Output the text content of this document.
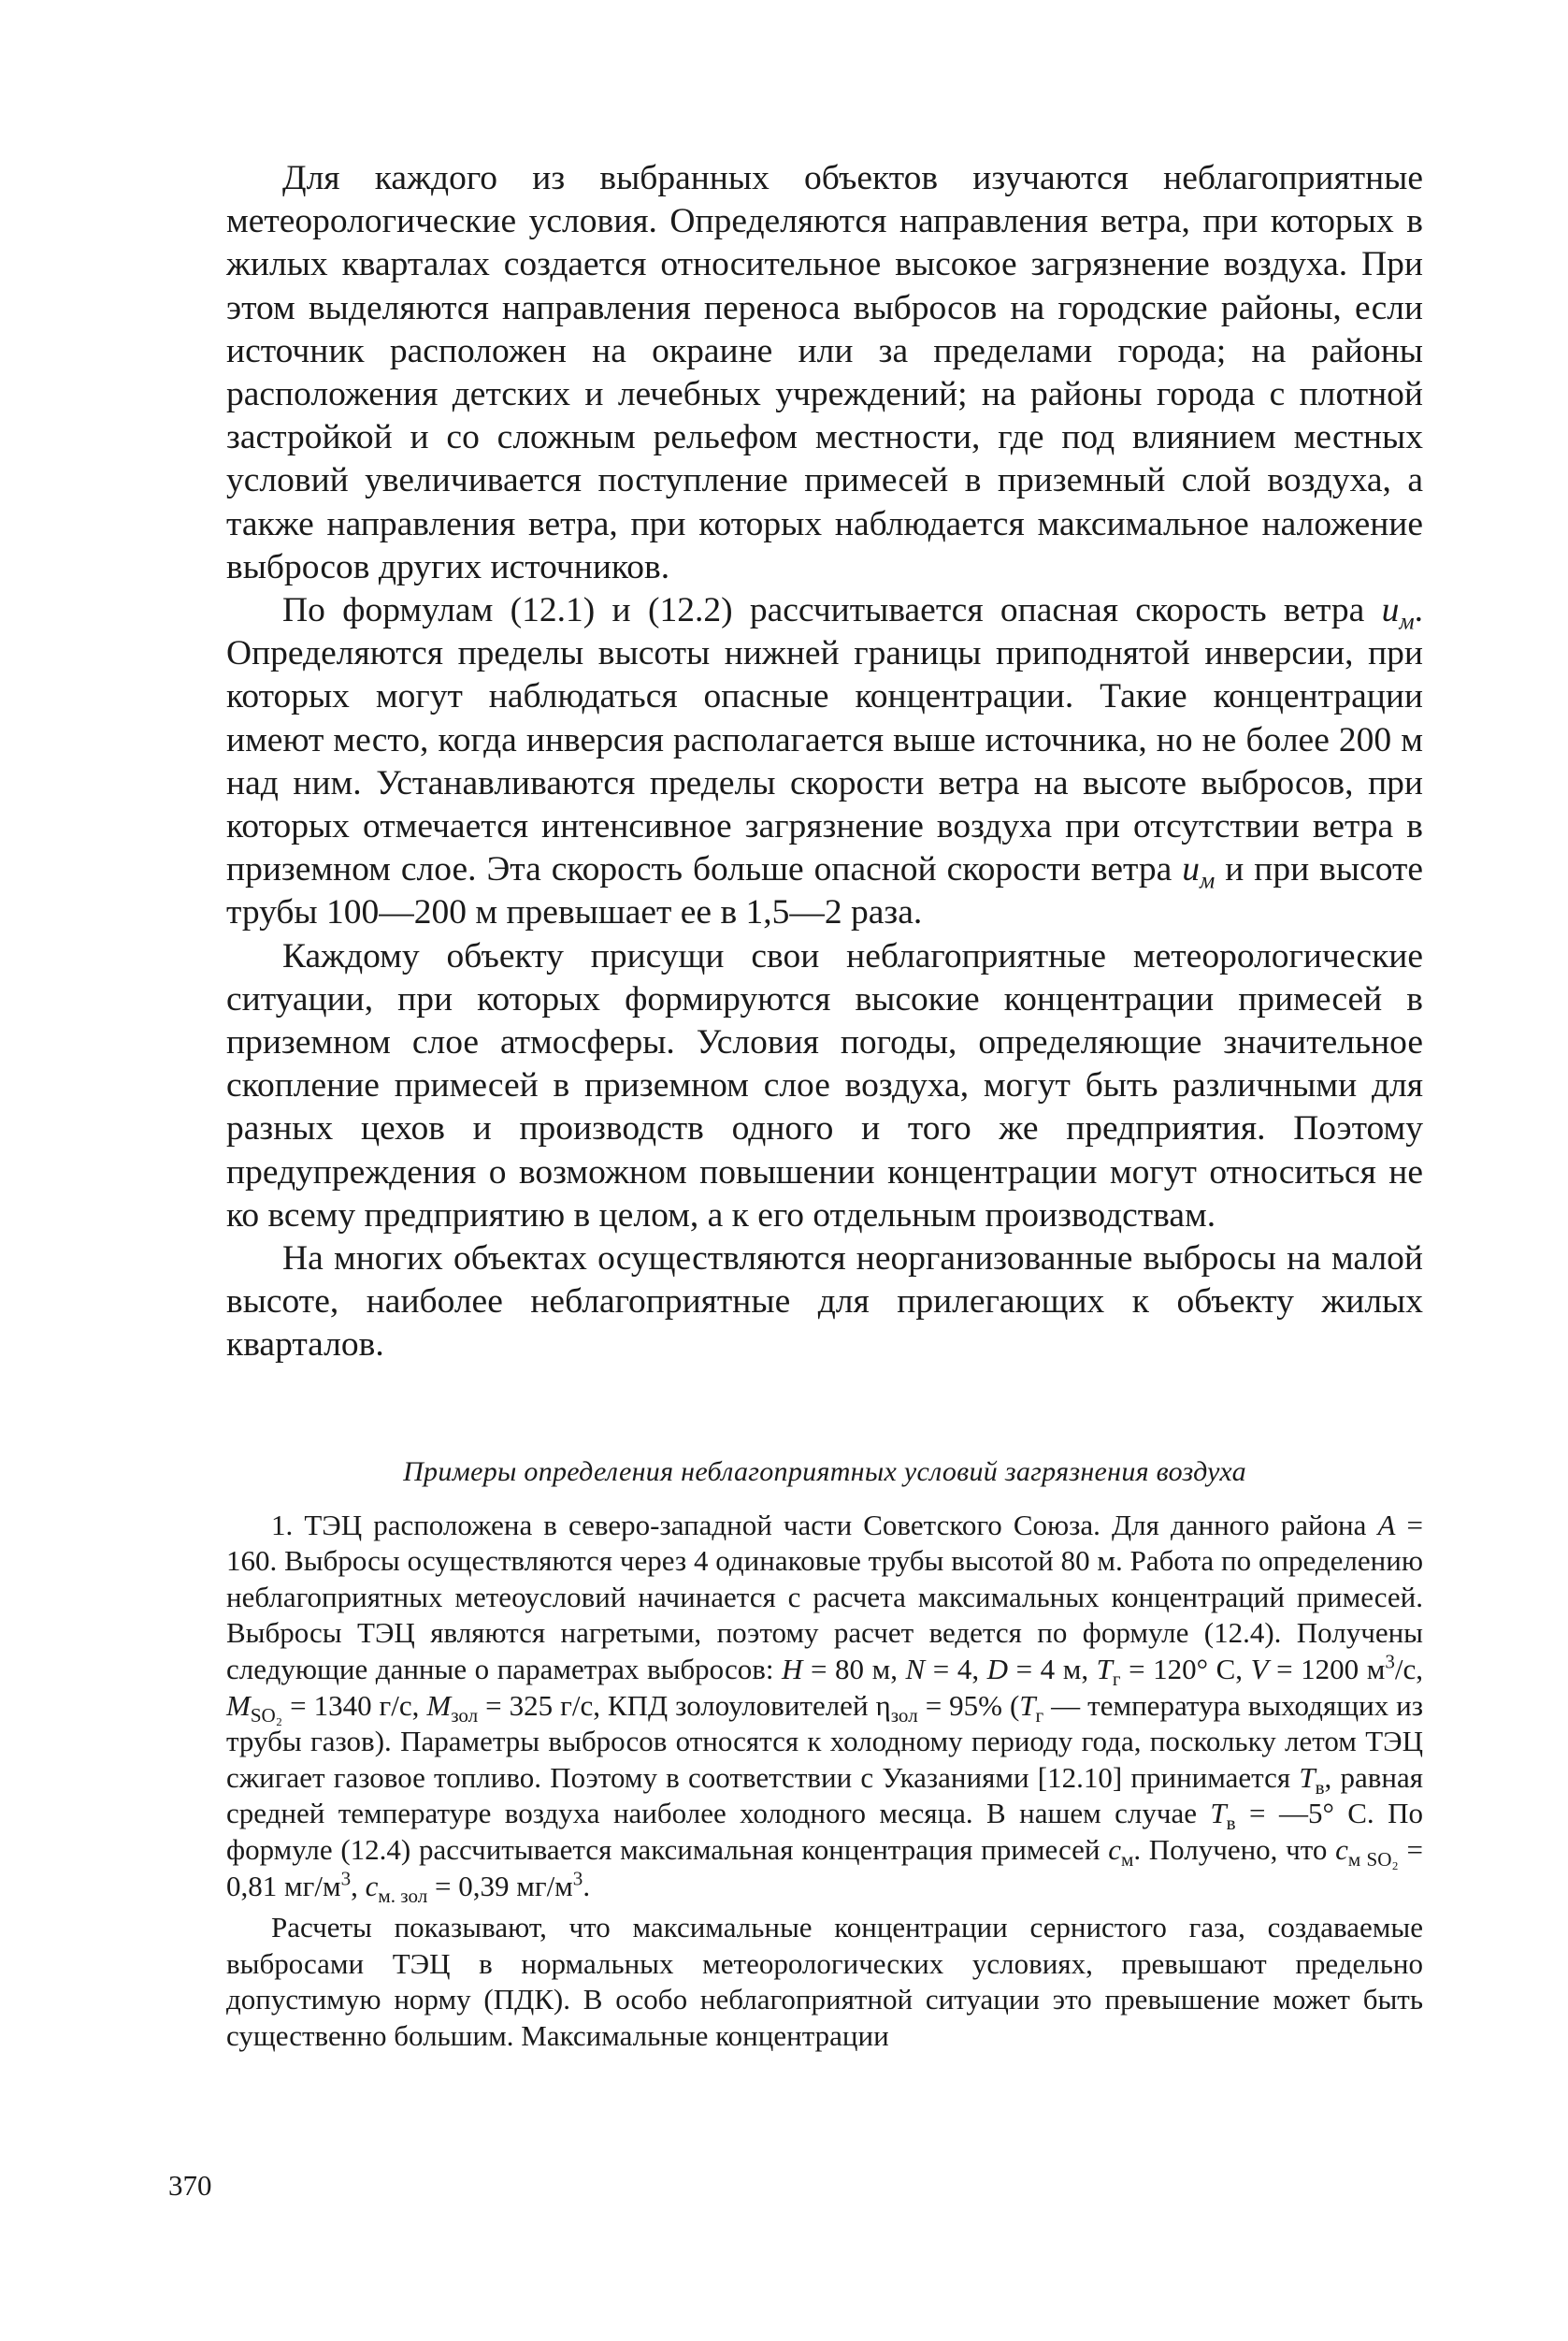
Для каждого из выбранных объектов изучаются неблагоприятные метеорологические условия. Определяются направления ветра, при которых в жилых кварталах создается относительное высокое загрязнение воздуха. При этом выделяются направления переноса выбросов на городские районы, если источник расположен на окраине или за пределами города; на районы расположения детских и лечебных учреждений; на районы города с плотной застройкой и со сложным рельефом местности, где под влиянием местных условий увеличивается поступление примесей в приземный слой воздуха, а также направления ветра, при которых наблюдается максимальное наложение выбросов других источников.

По формулам (12.1) и (12.2) рассчитывается опасная скорость ветра $u_м$. Определяются пределы высоты нижней границы приподнятой инверсии, при которых могут наблюдаться опасные концентрации. Такие концентрации имеют место, когда инверсия располагается выше источника, но не более 200 м над ним. Устанавливаются пределы скорости ветра на высоте выбросов, при которых отмечается интенсивное загрязнение воздуха при отсутствии ветра в приземном слое. Эта скорость больше опасной скорости ветра $u_м$ и при высоте трубы 100—200 м превышает ее в 1,5—2 раза.

Каждому объекту присущи свои неблагоприятные метеорологические ситуации, при которых формируются высокие концентрации примесей в приземном слое атмосферы. Условия погоды, определяющие значительное скопление примесей в приземном слое воздуха, могут быть различными для разных цехов и производств одного и того же предприятия. Поэтому предупреждения о возможном повышении концентрации могут относиться не ко всему предприятию в целом, а к его отдельным производствам.

На многих объектах осуществляются неорганизованные выбросы на малой высоте, наиболее неблагоприятные для прилегающих к объекту жилых кварталов.

Примеры определения неблагоприятных условий загрязнения воздуха

1. ТЭЦ расположена в северо-западной части Советского Союза. Для данного района A = 160. Выбросы осуществляются через 4 одинаковые трубы высотой 80 м. Работа по определению неблагоприятных метеоусловий начинается с расчета максимальных концентраций примесей. Выбросы ТЭЦ являются нагретыми, поэтому расчет ведется по формуле (12.4). Получены следующие данные о параметрах выбросов: H = 80 м, N = 4, D = 4 м, $T_г = 120^\circ$ С, V = 1200 $м^3/с$, $M_{SO_2} = 1340$ г/с, $M_{зол} = 325$ г/с, КПД золоуловителей $\eta_{зол} = 95\%$ ($T_г$ — температура выходящих из трубы газов). Параметры выбросов относятся к холодному периоду года, поскольку летом ТЭЦ сжигает газовое топливо. Поэтому в соответствии с Указаниями [12.10] принимается $T_в$, равная средней температуре воздуха наиболее холодного месяца. В нашем случае $T_в$ = —5° С. По формуле (12.4) рассчитывается максимальная концентрация примесей $c_м$. Получено, что $c_{м SO_2} = 0,81$ $мг/м^3$, $c_{м. зол} = 0,39$ $мг/м^3$.

Расчеты показывают, что максимальные концентрации сернистого газа, создаваемые выбросами ТЭЦ в нормальных метеорологических условиях, превышают предельно допустимую норму (ПДК). В особо неблагоприятной ситуации это превышение может быть существенно большим. Максимальные концентрации

370
